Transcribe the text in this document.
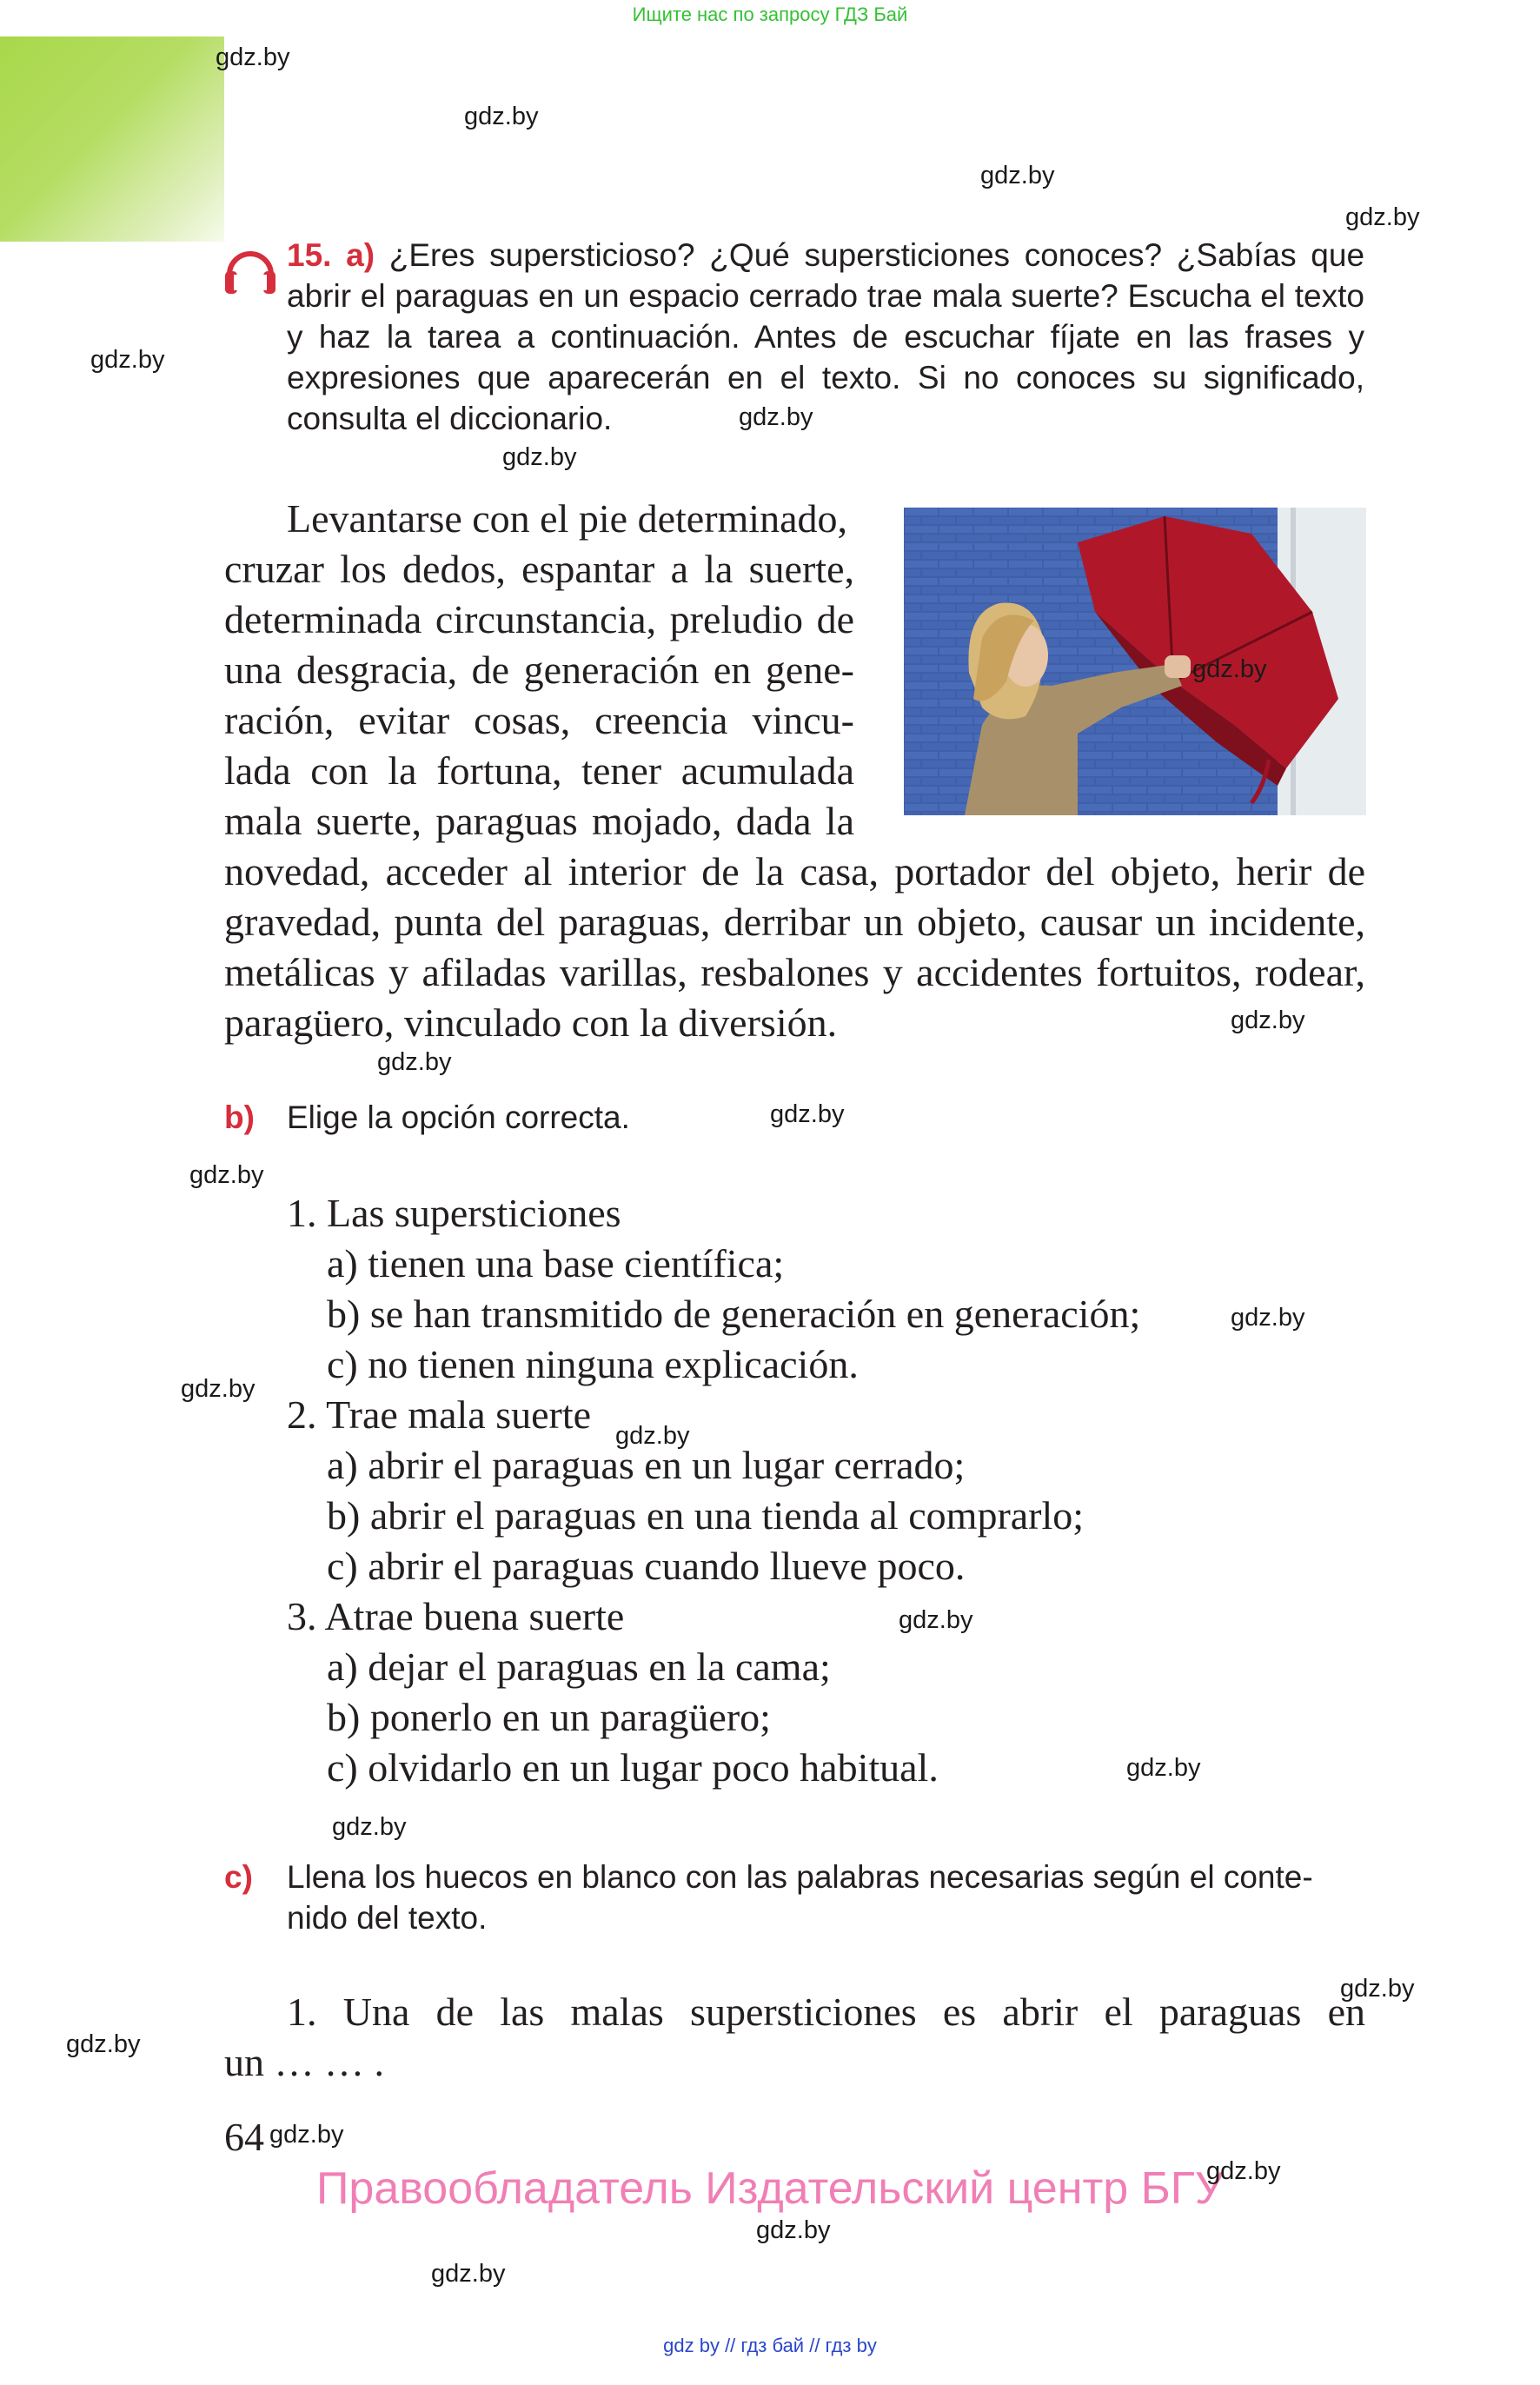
Ищите нас по запросу ГДЗ Бай
15. a) ¿Eres supersticioso? ¿Qué supersticiones conoces? ¿Sabías que abrir el paraguas en un espacio cerrado trae mala suerte? Escucha el texto y haz la tarea a continuación. Antes de escuchar fíjate en las frases y expresiones que aparecerán en el texto. Si no conoces su significado, consulta el diccionario.
Levantarse con el pie determinado,
cruzar los dedos, espantar a la suerte,
determinada circunstancia, preludio de
una desgracia, de generación en gene-
ración, evitar cosas, creencia vincu-
lada con la fortuna, tener acumulada
mala suerte, paraguas mojado, dada la
novedad, acceder al interior de la casa, portador del objeto, herir de gravedad, punta del paraguas, derribar un objeto, causar un incidente, metálicas y afiladas varillas, resbalones y accidentes fortuitos, rodear, paragüero, vinculado con la diversión.
b) Elige la opción correcta.
1. Las supersticiones
a) tienen una base científica;
b) se han transmitido de generación en generación;
c) no tienen ninguna explicación.
2. Trae mala suerte
a) abrir el paraguas en un lugar cerrado;
b) abrir el paraguas en una tienda al comprarlo;
c) abrir el paraguas cuando llueve poco.
3. Atrae buena suerte
a) dejar el paraguas en la cama;
b) ponerlo en un paragüero;
c) olvidarlo en un lugar poco habitual.
c) Llena los huecos en blanco con las palabras necesarias según el conte-
nido del texto.
1. Una de las malas supersticiones es abrir el paraguas en
un … … .
64
Правообладатель Издательский центр БГУ
gdz by // гдз бай // гдз by
gdz.by
gdz.by
gdz.by
gdz.by
gdz.by
gdz.by
gdz.by
gdz.by
gdz.by
gdz.by
gdz.by
gdz.by
gdz.by
gdz.by
gdz.by
gdz.by
gdz.by
gdz.by
gdz.by
gdz.by
gdz.by
gdz.by
gdz.by
gdz.by
